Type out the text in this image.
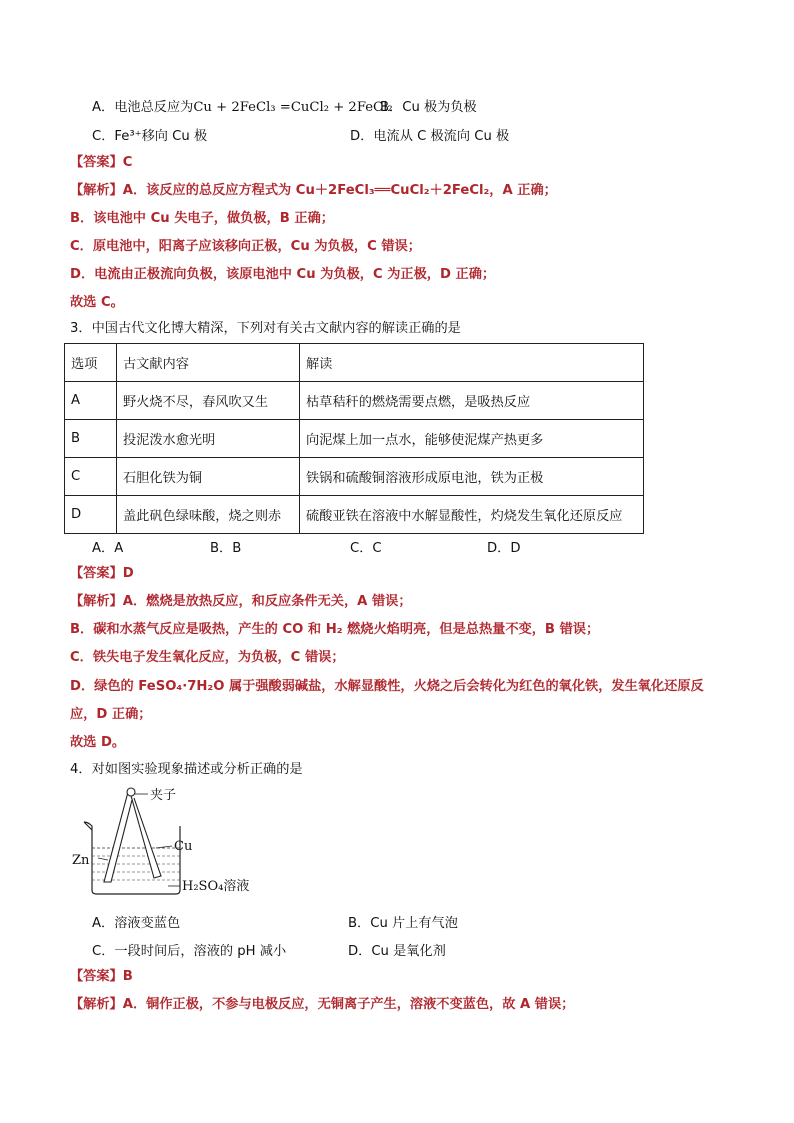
A．电池总反应为Cu + 2FeCl₃ =CuCl₂ + 2FeCl₂
B．Cu 极为负极
C．Fe³⁺移向 Cu 极	D．电流从 C 极流向 Cu 极
【答案】C
【解析】A．该反应的总反应方程式为 Cu＋2FeCl₃══CuCl₂＋2FeCl₂，A 正确；
B．该电池中 Cu 失电子，做负极，B 正确；
C．原电池中，阳离子应该移向正极，Cu 为负极，C 错误；
D．电流由正极流向负极，该原电池中 Cu 为负极，C 为正极，D 正确；
故选 C。
3．中国古代文化博大精深，下列对有关古文献内容的解读正确的是
选项	古文献内容	解读
A	野火烧不尽，春风吹又生	枯草秸秆的燃烧需要点燃，是吸热反应
B	投泥泼水愈光明	向泥煤上加一点水，能够使泥煤产热更多
C	石胆化铁为铜	铁锅和硫酸铜溶液形成原电池，铁为正极
D	盖此矾色绿味酸，烧之则赤	硫酸亚铁在溶液中水解显酸性，灼烧发生氧化还原反应
A．A	B．B	C．C	D．D
【答案】D
【解析】A．燃烧是放热反应，和反应条件无关，A 错误；
B．碳和水蒸气反应是吸热，产生的 CO 和 H₂ 燃烧火焰明亮，但是总热量不变，B 错误；
C．铁失电子发生氧化反应，为负极，C 错误；
D．绿色的 FeSO₄·7H₂O 属于强酸弱碱盐，水解显酸性，火烧之后会转化为红色的氧化铁，发生氧化还原反
应，D 正确；
故选 D。
4．对如图实验现象描述或分析正确的是
夹子
Cu
Zn
H₂SO₄溶液
A．溶液变蓝色	B．Cu 片上有气泡
C．一段时间后，溶液的 pH 减小	D．Cu 是氧化剂
【答案】B
【解析】A．铜作正极，不参与电极反应，无铜离子产生，溶液不变蓝色，故 A 错误；
